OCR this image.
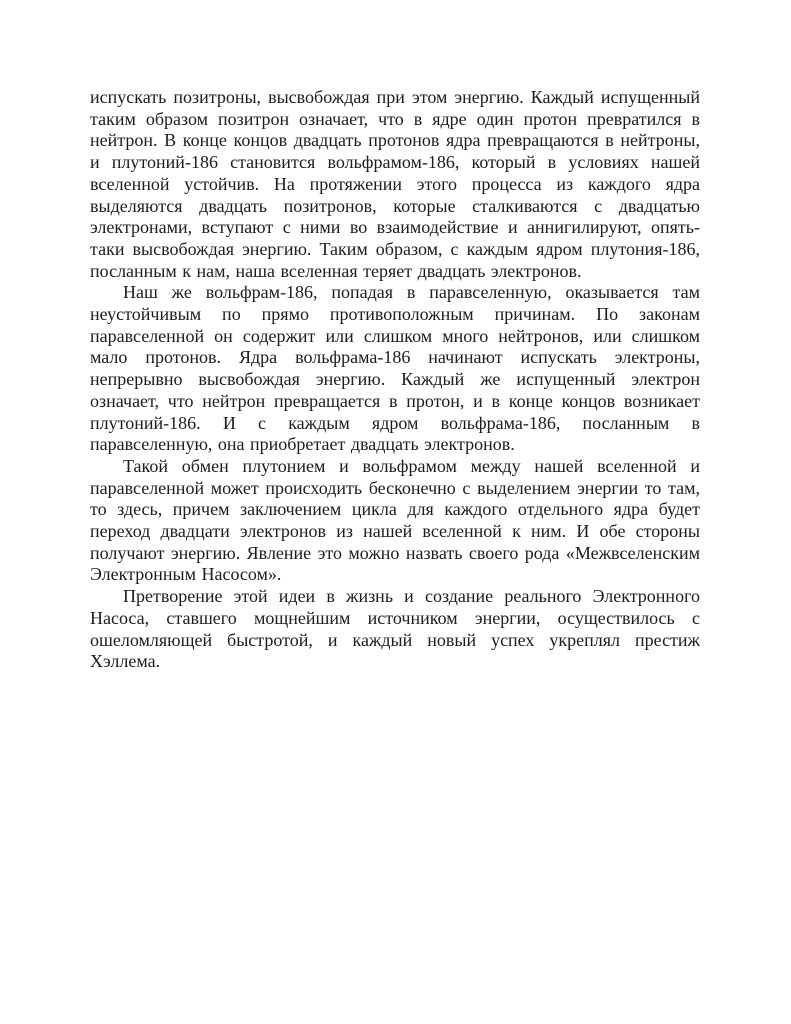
испускать позитроны, высвобождая при этом энергию. Каждый испущенный таким образом позитрон означает, что в ядре один протон превратился в нейтрон. В конце концов двадцать протонов ядра превращаются в нейтроны, и плутоний-186 становится вольфрамом-186, который в условиях нашей вселенной устойчив. На протяжении этого процесса из каждого ядра выделяются двадцать позитронов, которые сталкиваются с двадцатью электронами, вступают с ними во взаимодействие и аннигилируют, опять-таки высвобождая энергию. Таким образом, с каждым ядром плутония-186, посланным к нам, наша вселенная теряет двадцать электронов.

Наш же вольфрам-186, попадая в паравселенную, оказывается там неустойчивым по прямо противоположным причинам. По законам паравселенной он содержит или слишком много нейтронов, или слишком мало протонов. Ядра вольфрама-186 начинают испускать электроны, непрерывно высвобождая энергию. Каждый же испущенный электрон означает, что нейтрон превращается в протон, и в конце концов возникает плутоний-186. И с каждым ядром вольфрама-186, посланным в паравселенную, она приобретает двадцать электронов.

Такой обмен плутонием и вольфрамом между нашей вселенной и паравселенной может происходить бесконечно с выделением энергии то там, то здесь, причем заключением цикла для каждого отдельного ядра будет переход двадцати электронов из нашей вселенной к ним. И обе стороны получают энергию. Явление это можно назвать своего рода «Межвселенским Электронным Насосом».

Претворение этой идеи в жизнь и создание реального Электронного Насоса, ставшего мощнейшим источником энергии, осуществилось с ошеломляющей быстротой, и каждый новый успех укреплял престиж Хэллема.
